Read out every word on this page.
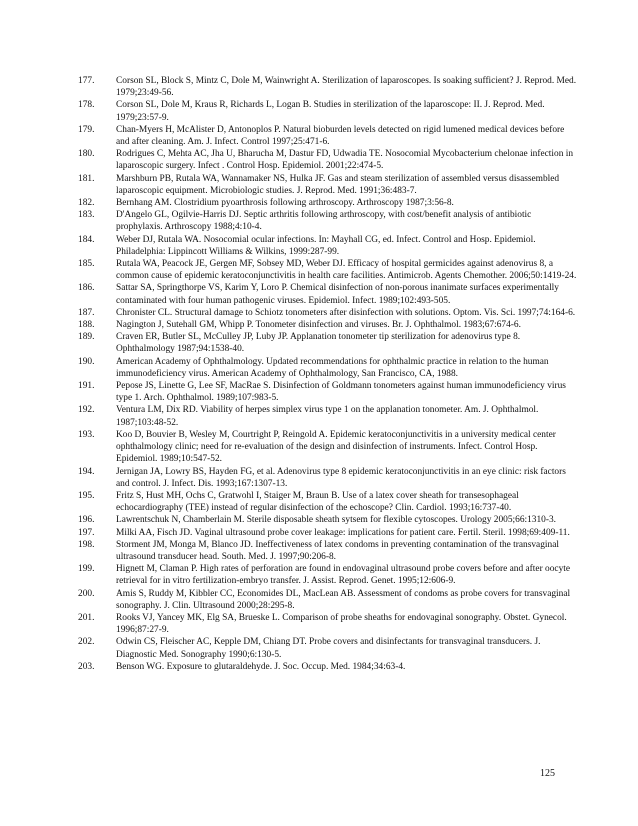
177.	Corson SL, Block S, Mintz C, Dole M, Wainwright A. Sterilization of laparoscopes. Is soaking sufficient? J. Reprod. Med. 1979;23:49-56.
178.	Corson SL, Dole M, Kraus R, Richards L, Logan B. Studies in sterilization of the laparoscope: II. J. Reprod. Med. 1979;23:57-9.
179.	Chan-Myers H, McAlister D, Antonoplos P. Natural bioburden levels detected on rigid lumened medical devices before and after cleaning. Am. J. Infect. Control 1997;25:471-6.
180.	Rodrigues C, Mehta AC, Jha U, Bharucha M, Dastur FD, Udwadia TE. Nosocomial Mycobacterium chelonae infection in laparoscopic surgery. Infect . Control Hosp. Epidemiol. 2001;22:474-5.
181.	Marshburn PB, Rutala WA, Wannamaker NS, Hulka JF. Gas and steam sterilization of assembled versus disassembled laparoscopic equipment. Microbiologic studies. J. Reprod. Med. 1991;36:483-7.
182.	Bernhang AM. Clostridium pyoarthrosis following arthroscopy. Arthroscopy 1987;3:56-8.
183.	D'Angelo GL, Ogilvie-Harris DJ. Septic arthritis following arthroscopy, with cost/benefit analysis of antibiotic prophylaxis. Arthroscopy 1988;4:10-4.
184.	Weber DJ, Rutala WA. Nosocomial ocular infections. In: Mayhall CG, ed. Infect. Control and Hosp. Epidemiol. Philadelphia: Lippincott Williams & Wilkins, 1999:287-99.
185.	Rutala WA, Peacock JE, Gergen MF, Sobsey MD, Weber DJ. Efficacy of hospital germicides against adenovirus 8, a common cause of epidemic keratoconjunctivitis in health care facilities. Antimicrob. Agents Chemother. 2006;50:1419-24.
186.	Sattar SA, Springthorpe VS, Karim Y, Loro P. Chemical disinfection of non-porous inanimate surfaces experimentally contaminated with four human pathogenic viruses. Epidemiol. Infect. 1989;102:493-505.
187.	Chronister CL. Structural damage to Schiotz tonometers after disinfection with solutions. Optom. Vis. Sci. 1997;74:164-6.
188.	Nagington J, Sutehall GM, Whipp P. Tonometer disinfection and viruses. Br. J. Ophthalmol. 1983;67:674-6.
189.	Craven ER, Butler SL, McCulley JP, Luby JP. Applanation tonometer tip sterilization for adenovirus type 8. Ophthalmology 1987;94:1538-40.
190.	American Academy of Ophthalmology. Updated recommendations for ophthalmic practice in relation to the human immunodeficiency virus. American Academy of Ophthalmology, San Francisco, CA, 1988.
191.	Pepose JS, Linette G, Lee SF, MacRae S. Disinfection of Goldmann tonometers against human immunodeficiency virus type 1. Arch. Ophthalmol. 1989;107:983-5.
192.	Ventura LM, Dix RD. Viability of herpes simplex virus type 1 on the applanation tonometer. Am. J. Ophthalmol. 1987;103:48-52.
193.	Koo D, Bouvier B, Wesley M, Courtright P, Reingold A. Epidemic keratoconjunctivitis in a university medical center ophthalmology clinic; need for re-evaluation of the design and disinfection of instruments. Infect. Control Hosp. Epidemiol. 1989;10:547-52.
194.	Jernigan JA, Lowry BS, Hayden FG, et al. Adenovirus type 8 epidemic keratoconjunctivitis in an eye clinic: risk factors and control. J. Infect. Dis. 1993;167:1307-13.
195.	Fritz S, Hust MH, Ochs C, Gratwohl I, Staiger M, Braun B. Use of a latex cover sheath for transesophageal echocardiography (TEE) instead of regular disinfection of the echoscope? Clin. Cardiol. 1993;16:737-40.
196.	Lawrentschuk N, Chamberlain M. Sterile disposable sheath sytsem for flexible cytoscopes. Urology 2005;66:1310-3.
197.	Milki AA, Fisch JD. Vaginal ultrasound probe cover leakage: implications for patient care. Fertil. Steril. 1998;69:409-11.
198.	Storment JM, Monga M, Blanco JD. Ineffectiveness of latex condoms in preventing contamination of the transvaginal ultrasound transducer head. South. Med. J. 1997;90:206-8.
199.	Hignett M, Claman P. High rates of perforation are found in endovaginal ultrasound probe covers before and after oocyte retrieval for in vitro fertilization-embryo transfer. J. Assist. Reprod. Genet. 1995;12:606-9.
200.	Amis S, Ruddy M, Kibbler CC, Economides DL, MacLean AB. Assessment of condoms as probe covers for transvaginal sonography. J. Clin. Ultrasound 2000;28:295-8.
201.	Rooks VJ, Yancey MK, Elg SA, Brueske L. Comparison of probe sheaths for endovaginal sonography. Obstet. Gynecol. 1996;87:27-9.
202.	Odwin CS, Fleischer AC, Kepple DM, Chiang DT. Probe covers and disinfectants for transvaginal transducers. J. Diagnostic Med. Sonography 1990;6:130-5.
203.	Benson WG. Exposure to glutaraldehyde. J. Soc. Occup. Med. 1984;34:63-4.
125
